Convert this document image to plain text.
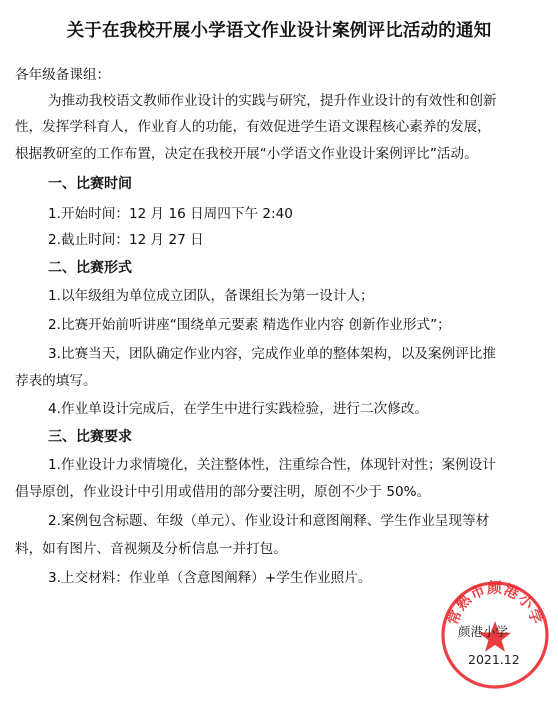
关于在我校开展小学语文作业设计案例评比活动的通知
各年级备课组：
为推动我校语文教师作业设计的实践与研究，提升作业设计的有效性和创新
性，发挥学科育人，作业育人的功能，有效促进学生语文课程核心素养的发展，
根据教研室的工作布置，决定在我校开展“小学语文作业设计案例评比”活动。
一、比赛时间
1.开始时间：12 月 16 日周四下午 2:40
2.截止时间：12 月 27 日
二、比赛形式
1.以年级组为单位成立团队，备课组长为第一设计人；
2.比赛开始前听讲座“围绕单元要素 精选作业内容 创新作业形式”；
3.比赛当天，团队确定作业内容，完成作业单的整体架构，以及案例评比推
荐表的填写。
4.作业单设计完成后，在学生中进行实践检验，进行二次修改。
三、比赛要求
1.作业设计力求情境化，关注整体性，注重综合性，体现针对性；案例设计
倡导原创，作业设计中引用或借用的部分要注明，原创不少于 50%。
2.案例包含标题、年级（单元）、作业设计和意图阐释、学生作业呈现等材
料，如有图片、音视频及分析信息一并打包。
3.上交材料：作业单（含意图阐释）+学生作业照片。
常熟市颜港小学
颜港小学
2021.12
